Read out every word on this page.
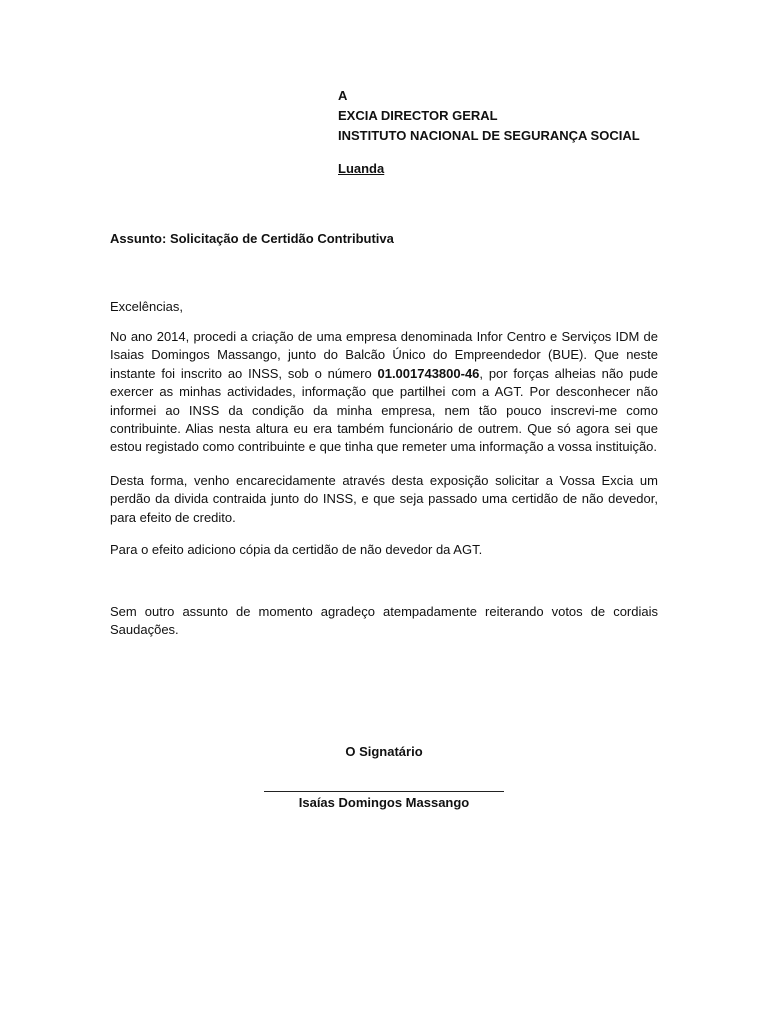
A
EXCIA DIRECTOR GERAL
INSTITUTO NACIONAL DE SEGURANÇA SOCIAL
Luanda
Assunto: Solicitação de Certidão Contributiva
Excelências,

No ano 2014, procedi a criação de uma empresa denominada Infor Centro e Serviços IDM de Isaias Domingos Massango, junto do Balcão Único do Empreendedor (BUE). Que neste instante foi inscrito ao INSS, sob o número 01.001743800-46, por forças alheias não pude exercer as minhas actividades, informação que partilhei com a AGT. Por desconhecer não informei ao INSS da condição da minha empresa, nem tão pouco inscrevi-me como contribuinte. Alias nesta altura eu era também funcionário de outrem. Que só agora sei que estou registado como contribuinte e que tinha que remeter uma informação a vossa instituição.

Desta forma, venho encarecidamente através desta exposição solicitar a Vossa Excia um perdão da divida contraida junto do INSS, e que seja passado uma certidão de não devedor, para efeito de credito.

Para o efeito adiciono cópia da certidão de não devedor da AGT.

Sem outro assunto de momento agradeço atempadamente reiterando votos de cordiais Saudações.

O Signatário
Isaías Domingos Massango
